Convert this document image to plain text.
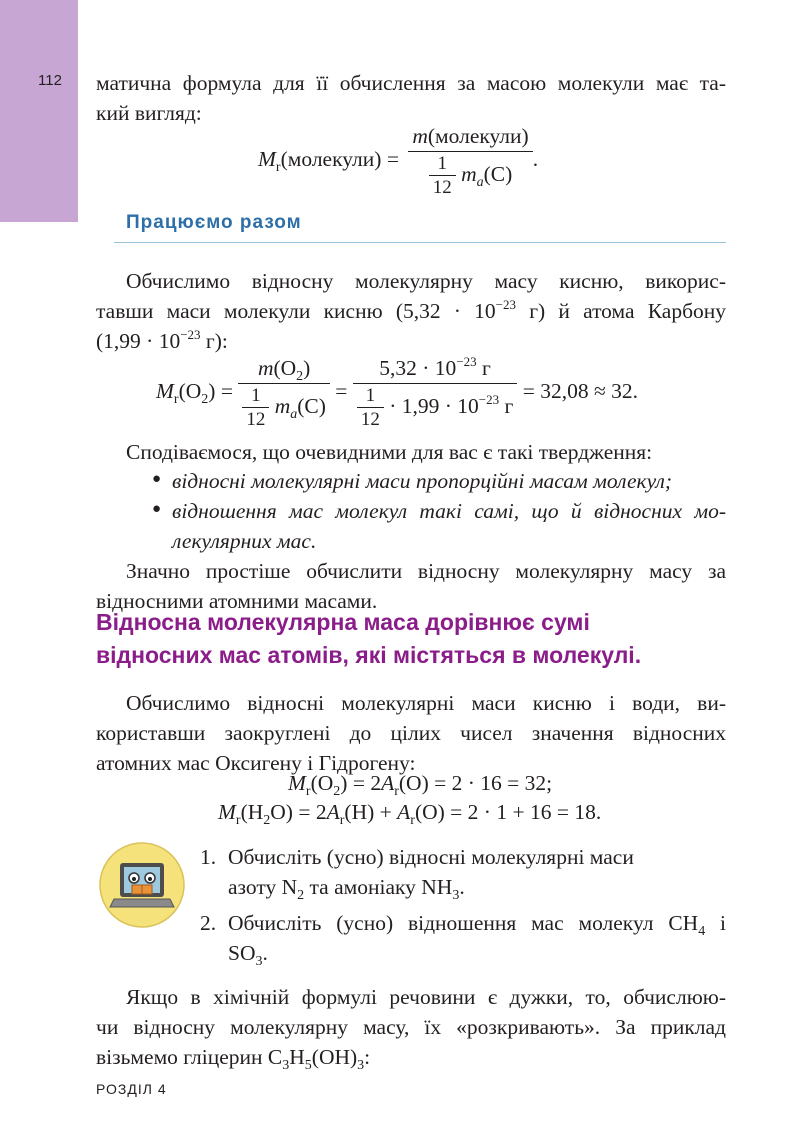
112 матична формула для її обчислення за масою молекули має та-
кий вигляд:
$M_r(молекули) = \frac{\text{m(молекули)}}{\frac{1}{12} m_a(C)}$ .
Працюємо разом
Обчислимо відносну молекулярну масу кисню, викорис-
тавши маси молекули кисню ($5,32 \cdot 10^{-23}$ г) й атома Карбону
($1,99 \cdot 10^{-23}$ г):
$M_r(O_2) = \frac{m(O_2)}{\frac{1}{12} m_a(C)} = \frac{5,32 \cdot 10^{-23} г}{\frac{1}{12} \cdot 1,99 \cdot 10^{-23} г} = 32,08 \approx 32$.
Сподіваємося, що очевидними для вас є такі твердження:
● відносні молекулярні маси пропорційні масам молекул;
● відношення мас молекул такі самі, що й відносних мо-
лекулярних мас.
Значно простіше обчислити відносну молекулярну масу за
відносними атомними масами.
Відносна молекулярна маса дорівнює сумі
відносних мас атомів, які містяться в молекулі.
Обчислимо відносні молекулярні маси кисню і води, ви-
користавши заокруглені до цілих чисел значення відносних
атомних мас Оксигену і Гідрогену:
$M_r(O_2) = 2A_r(O) = 2 \cdot 16 = 32$;
$M_r(H_2O) = 2A_r(H) + A_r(O) = 2 \cdot 1 + 16 = 18$.
1. Обчисліть (усно) відносні молекулярні маси
азоту $N_2$ та амоніаку $NH_3$.
2. Обчисліть (усно) відношення мас молекул $CH_4$ і
$SO_3$.
Якщо в хімічній формулі речовини є дужки, то, обчислюю-
чи відносну молекулярну масу, їх «розкривають». За приклад
візьмемо гліцерин $C_3H_5(OH)_3$:
РОЗДІЛ 4
